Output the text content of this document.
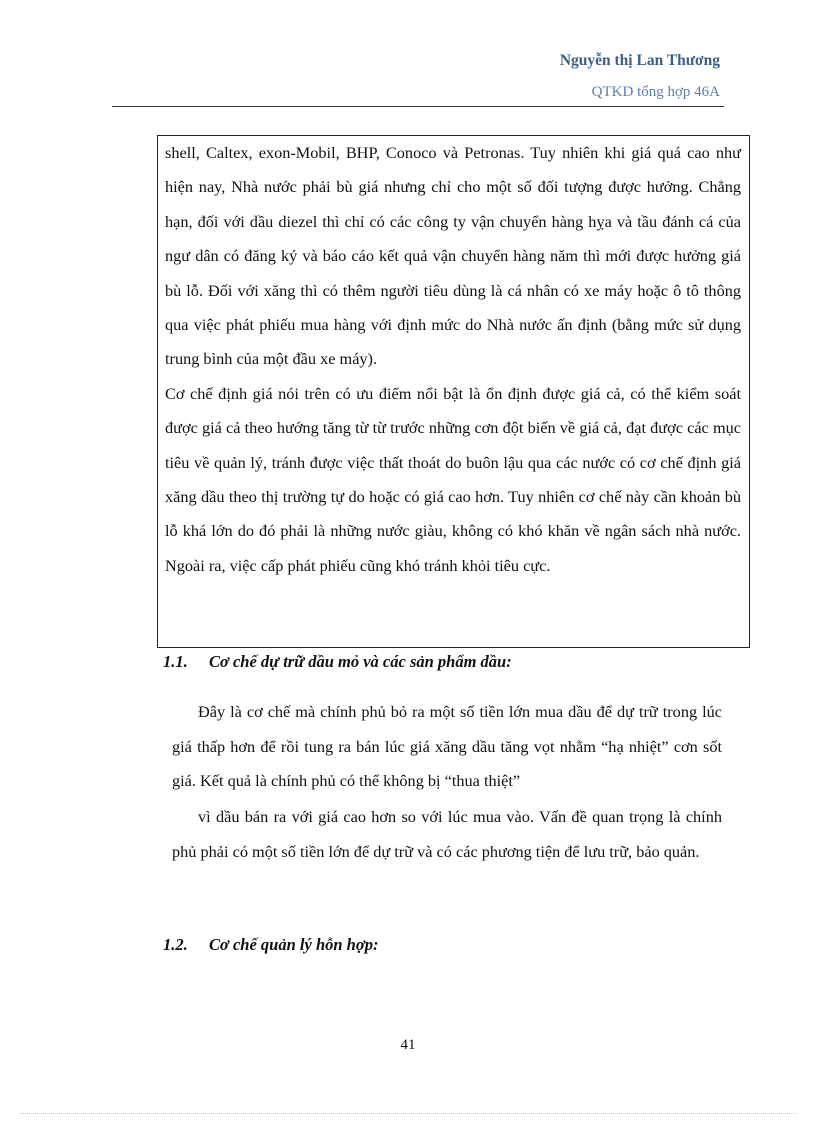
Nguyễn thị Lan Thương
QTKD tổng hợp 46A

shell, Caltex, exon-Mobil, BHP, Conoco và Petronas. Tuy nhiên khi giá quá cao như hiện nay, Nhà nước phải bù giá nhưng chỉ cho một số đối tượng được hưởng. Chẳng hạn, đối với dầu diezel thì chỉ có các công ty vận chuyển hàng hỵa và tầu đánh cá của ngư dân có đăng ký và báo cáo kết quả vận chuyển hàng năm thì mới được hưởng giá bù lỗ. Đối với xăng thì có thêm người tiêu dùng là cá nhân có xe máy hoặc ô tô thông qua việc phát phiếu mua hàng với định mức do Nhà nước ấn định (bằng mức sử dụng trung bình của một đầu xe máy).

Cơ chế định giá nói trên có ưu điểm nổi bật là ổn định được giá cả, có thể kiểm soát được giá cả theo hướng tăng từ từ trước những cơn đột biến về giá cả, đạt được các mục tiêu về quản lý, tránh được việc thất thoát do buôn lậu qua các nước có cơ chế định giá xăng dầu theo thị trường tự do hoặc có giá cao hơn. Tuy nhiên cơ chế này cần khoản bù lỗ khá lớn do đó phải là những nước giàu, không có khó khăn về ngân sách nhà nước. Ngoài ra, việc cấp phát phiếu cũng khó tránh khỏi tiêu cực.

1.1. Cơ chế dự trữ dầu mỏ và các sản phẩm dầu:

Đây là cơ chế mà chính phủ bỏ ra một số tiền lớn mua dầu để dự trữ trong lúc giá thấp hơn để rồi tung ra bán lúc giá xăng dầu tăng vọt nhằm “hạ nhiệt” cơn sốt giá. Kết quả là chính phủ có thể không bị “thua thiệt”

vì dầu bán ra với giá cao hơn so với lúc mua vào. Vấn đề quan trọng là chính phủ phải có một số tiền lớn để dự trữ và có các phương tiện để lưu trữ, bảo quản.

1.2. Cơ chế quản lý hỗn hợp:
41
